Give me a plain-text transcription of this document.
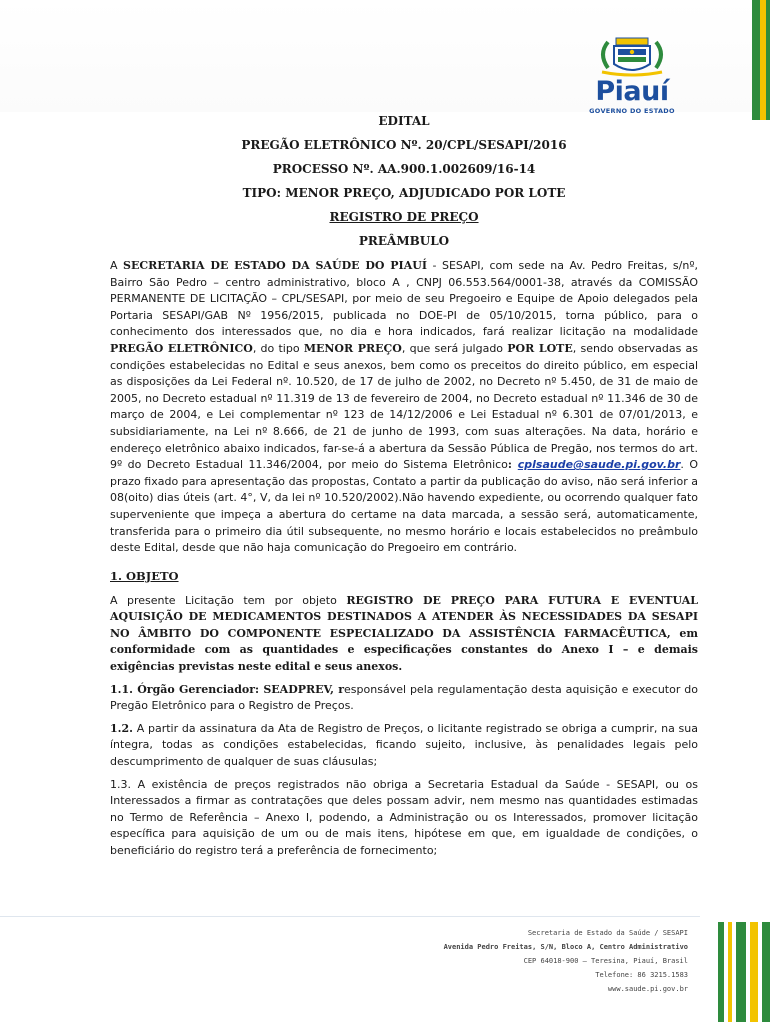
Piauí
GOVERNO DO ESTADO
EDITAL
PREGÃO ELETRÔNICO Nº. 20/CPL/SESAPI/2016
PROCESSO Nº. AA.900.1.002609/16-14
TIPO: MENOR PREÇO, ADJUDICADO POR LOTE
REGISTRO DE PREÇO
PREÂMBULO

A SECRETARIA DE ESTADO DA SAÚDE DO PIAUÍ - SESAPI, com sede na Av. Pedro Freitas, s/nº, Bairro São Pedro – centro administrativo, bloco A , CNPJ 06.553.564/0001-38, através da COMISSÃO PERMANENTE DE LICITAÇÃO – CPL/SESAPI, por meio de seu Pregoeiro e Equipe de Apoio delegados pela Portaria SESAPI/GAB Nº 1956/2015, publicada no DOE-PI de 05/10/2015, torna público, para o conhecimento dos interessados que, no dia e hora indicados, fará realizar licitação na modalidade PREGÃO ELETRÔNICO, do tipo MENOR PREÇO, que será julgado POR LOTE, sendo observadas as condições estabelecidas no Edital e seus anexos, bem como os preceitos do direito público, em especial as disposições da Lei Federal nº. 10.520, de 17 de julho de 2002, no Decreto nº 5.450, de 31 de maio de 2005, no Decreto estadual nº 11.319 de 13 de fevereiro de 2004, no Decreto estadual nº 11.346 de 30 de março de 2004, e Lei complementar nº 123 de 14/12/2006 e Lei Estadual nº 6.301 de 07/01/2013, e subsidiariamente, na Lei nº 8.666, de 21 de junho de 1993, com suas alterações. Na data, horário e endereço eletrônico abaixo indicados, far-se-á a abertura da Sessão Pública de Pregão, nos termos do art. 9º do Decreto Estadual 11.346/2004, por meio do Sistema Eletrônico: cplsaude@saude.pi.gov.br. O prazo fixado para apresentação das propostas, Contato a partir da publicação do aviso, não será inferior a 08(oito) dias úteis (art. 4°, V, da lei nº 10.520/2002).Não havendo expediente, ou ocorrendo qualquer fato superveniente que impeça a abertura do certame na data marcada, a sessão será, automaticamente, transferida para o primeiro dia útil subsequente, no mesmo horário e locais estabelecidos no preâmbulo deste Edital, desde que não haja comunicação do Pregoeiro em contrário.

1. OBJETO

A presente Licitação tem por objeto REGISTRO DE PREÇO PARA FUTURA E EVENTUAL AQUISIÇÃO DE MEDICAMENTOS DESTINADOS A ATENDER ÀS NECESSIDADES DA SESAPI NO ÂMBITO DO COMPONENTE ESPECIALIZADO DA ASSISTÊNCIA FARMACÊUTICA, em conformidade com as quantidades e especificações constantes do Anexo I – e demais exigências previstas neste edital e seus anexos.

1.1. Órgão Gerenciador: SEADPREV, responsável pela regulamentação desta aquisição e executor do Pregão Eletrônico para o Registro de Preços.

1.2. A partir da assinatura da Ata de Registro de Preços, o licitante registrado se obriga a cumprir, na sua íntegra, todas as condições estabelecidas, ficando sujeito, inclusive, às penalidades legais pelo descumprimento de qualquer de suas cláusulas;

1.3. A existência de preços registrados não obriga a Secretaria Estadual da Saúde - SESAPI, ou os Interessados a firmar as contratações que deles possam advir, nem mesmo nas quantidades estimadas no Termo de Referência – Anexo I, podendo, a Administração ou os Interessados, promover licitação específica para aquisição de um ou de mais itens, hipótese em que, em igualdade de condições, o beneficiário do registro terá a preferência de fornecimento;

Secretaria de Estado da Saúde / SESAPI
Avenida Pedro Freitas, S/N, Bloco A, Centro Administrativo
CEP 64018-900 – Teresina, Piauí, Brasil
Telefone: 86 3215.1583
www.saude.pi.gov.br
